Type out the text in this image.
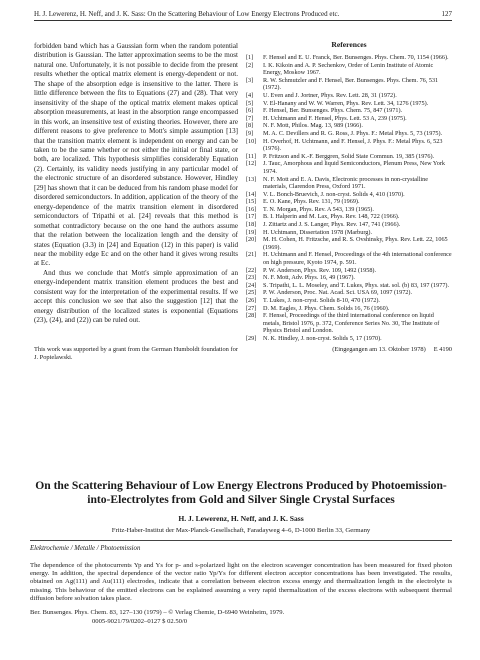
H. J. Lewerenz, H. Neff, and J. K. Sass: On the Scattering Behaviour of Low Energy Electrons Produced etc.	127

forbidden band which has a Gaussian form when the random potential distribution is Gaussian. The latter approximation seems to be the most natural one. Unfortunately, it is not possible to decide from the present results whether the optical matrix element is energy-dependent or not. The shape of the absorption edge is insensitive to the latter. There is little difference between the fits to Equations (27) and (28). That very insensitivity of the shape of the optical matrix element makes optical absorption measurements, at least in the absorption range encompassed in this work, an insensitive test of existing theories. However, there are different reasons to give preference to Mott's simple assumption [13] that the transition matrix element is independent on energy and can be taken to be the same whether or not either the initial or final state, or both, are localized. This hypothesis simplifies considerably Equation (2). Certainly, its validity needs justifying in any particular model of the electronic structure of an disordered substance. However, Hindley [29] has shown that it can be deduced from his random phase model for disordered semiconductors. In addition, application of the theory of the energy-dependence of the matrix transition element in disordered semiconductors of Tripathi et al. [24] reveals that this method is somethat contradictory because on the one hand the authors assume that the relation between the localization length and the density of states (Equation (3.3) in [24] and Equation (12) in this paper) is valid near the mobility edge Ec and on the other hand it gives wrong results at Ec.

And thus we conclude that Mott's simple approximation of an energy-independent matrix transition element produces the best and consistent way for the interpretation of the experimental results. If we accept this conclusion we see that also the suggestion [12] that the energy distribution of the localized states is exponential (Equations (23), (24), and (22)) can be ruled out.

This work was supported by a grant from the German Humboldt foundation for J. Popielawski.

References
[1] F. Hensel and E. U. Franck, Ber. Bunsenges. Phys. Chem. 70, 1154 (1966).
[2] I. K. Kikoin and A. P. Sechenkov, Order of Lenin Institute of Atomic Energy, Moskow 1967.
[3] R. W. Schmutzler and F. Hensel, Ber. Bunsenges. Phys. Chem. 76, 531 (1972).
[4] U. Even and J. Jortner, Phys. Rev. Lett. 28, 31 (1972).
[5] V. El-Hanany and W. W. Warren, Phys. Rev. Lett. 34, 1276 (1975).
[6] F. Hensel, Ber. Bunsenges. Phys. Chem. 75, 847 (1971).
[7] H. Uchtmann and F. Hensel, Phys. Lett. 53 A, 239 (1975).
[8] N. F. Mott, Philos. Mag. 13, 989 (1966).
[9] M. A. C. Devillers and R. G. Ross, J. Phys. F.: Metal Phys. 5, 73 (1975).
[10] H. Overhof, H. Uchtmann, and F. Hensel, J. Phys. F.: Metal Phys. 6, 523 (1976).
[11] P. Fritzson and K.-F. Berggren, Solid State Commun. 19, 385 (1976).
[12] J. Tauc, Amorphous and liquid Semiconductors, Plenum Press, New York 1974.
[13] N. F. Mott and E. A. Davis, Electronic processes in non-crystalline materials, Clarendon Press, Oxford 1971.
[14] V. L. Bonch-Bruevich, J. non-cryst. Solids 4, 410 (1970).
[15] E. O. Kane, Phys. Rev. 131, 79 (1969).
[16] T. N. Morgan, Phys. Rev. A 543, 139 (1965).
[17] B. I. Halperin and M. Lax, Phys. Rev. 148, 722 (1966).
[18] J. Zittartz and J. S. Langer, Phys. Rev. 147, 741 (1966).
[19] H. Uchtmann, Dissertation 1978 (Marburg).
[20] M. H. Cohen, H. Fritzsche, and R. S. Ovshinsky, Phys. Rev. Lett. 22, 1065 (1969).
[21] H. Uchtmann and F. Hensel, Proceedings of the 4th international conference on high pressure, Kyoto 1974, p. 591.
[22] P. W. Anderson, Phys. Rev. 109, 1492 (1958).
[23] N. F. Mott, Adv. Phys. 16, 49 (1967).
[24] S. Tripathi, L. L. Moseley, and T. Lukes, Phys. stat. sol. (b) 83, 197 (1977).
[25] P. W. Anderson, Proc. Nat. Acad. Sci. USA 69, 1097 (1972).
[26] T. Lukes, J. non-cryst. Solids 8-10, 470 (1972).
[27] D. M. Eagles, J. Phys. Chem. Solids 16, 76 (1960).
[28] F. Hensel, Proceedings of the third international conference on liquid metals, Bristol 1976, p. 372, Conference Series No. 30, The Institute of Physics Bristol and London.
[29] N. K. Hindley, J. non-cryst. Solids 5, 17 (1970).
(Eingegangen am 13. Oktober 1978)     E 4190
On the Scattering Behaviour of Low Energy Electrons Produced by Photoemission-into-Electrolytes from Gold and Silver Single Crystal Surfaces
H. J. Lewerenz, H. Neff, and J. K. Sass
Fritz-Haber-Institut der Max-Planck-Gesellschaft, Faradayweg 4–6, D-1000 Berlin 33, Germany
Elektrochemie / Metalle / Photoemission
The dependence of the photocurrents Yp and Ys for p- and s-polarized light on the electron scavenger concentration has been measured for fixed photon energy. In addition, the spectral dependence of the vector ratio Yp/Ys for different electron acceptor concentrations has been investigated. The results, obtained on Ag(111) and Au(111) electrodes, indicate that a correlation between electron excess energy and thermalization length in the electrolyte is missing. This behaviour of the emitted electrons can be explained assuming a very rapid thermalization of the excess electrons with subsequent thermal diffusion before solvation takes place.
Ber. Bunsenges. Phys. Chem. 83, 127–130 (1979) – © Verlag Chemie, D-6940 Weinheim, 1979.
0005-9021/79/0202–0127 $ 02.50/0
